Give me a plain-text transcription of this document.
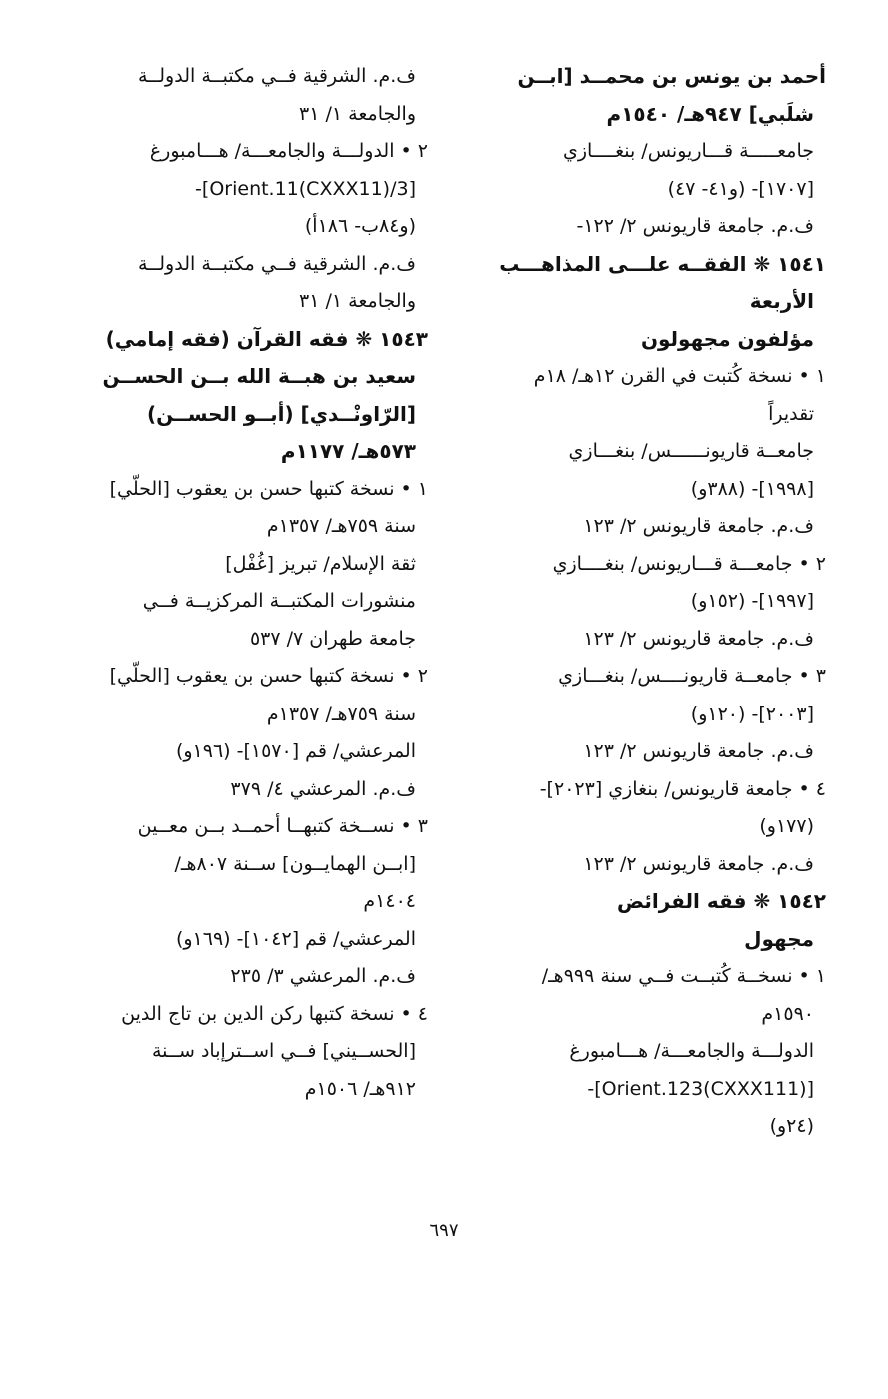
أحمد بن يونس بن محمــد [ابــن
شلَبي] ٩٤٧هـ/ ١٥٤٠م
جامعـــــة قـــاريونس/ بنغــــازي
[١٧٠٧]- (و٤١- ٤٧)
ف.م. جامعة قاريونس ٢/ ١٢٢-
١٥٤١ ❋ الفقــه علـــى المذاهـــب
الأربعة
مؤلفون مجهولون
١ • نسخة كُتبت في القرن ١٢هـ/ ١٨م
تقديراً
جامعــة قاريونــــــس/ بنغـــازي
[١٩٩٨]- (٣٨٨و)
ف.م. جامعة قاريونس ٢/ ١٢٣
٢ • جامعـــة قـــاريونس/ بنغــــازي
[١٩٩٧]- (١٥٢و)
ف.م. جامعة قاريونس ٢/ ١٢٣
٣ • جامعــة قاريونــــس/ بنغـــازي
[٢٠٠٣]- (١٢٠و)
ف.م. جامعة قاريونس ٢/ ١٢٣
٤ • جامعة قاريونس/ بنغازي [٢٠٢٣]-
(١٧٧و)
ف.م. جامعة قاريونس ٢/ ١٢٣
١٥٤٢ ❋ فقه الفرائض
مجهول
١ • نسخــة كُتبــت فــي سنة ٩٩٩هـ/
١٥٩٠م
الدولـــة والجامعـــة/ هـــامبورغ
[Orient.123(CXXX111)]-
(٢٤و)
ف.م. الشرقية فــي مكتبــة الدولــة
والجامعة ١/ ٣١
٢ • الدولـــة والجامعـــة/ هـــامبورغ
[Orient.11(CXXX11)/3]-
(و٨٤ب- ١٨٦أ)
ف.م. الشرقية فــي مكتبــة الدولــة
والجامعة ١/ ٣١
١٥٤٣ ❋ فقه القرآن (فقه إمامي)
سعيد بن هبــة الله بــن الحســن
[الرّاونْــدي] (أبــو الحســن)
٥٧٣هـ/ ١١٧٧م
١ • نسخة كتبها حسن بن يعقوب [الحلّي]
سنة ٧٥٩هـ/ ١٣٥٧م
ثقة الإسلام/ تبريز [غُفْل]
منشورات المكتبــة المركزيــة فــي
جامعة طهران ٧/ ٥٣٧
٢ • نسخة كتبها حسن بن يعقوب [الحلّي]
سنة ٧٥٩هـ/ ١٣٥٧م
المرعشي/ قم [١٥٧٠]- (١٩٦و)
ف.م. المرعشي ٤/ ٣٧٩
٣ • نســخة كتبهــا أحمــد بــن معــين
[ابــن الهمايــون] ســنة ٨٠٧هـ/
١٤٠٤م
المرعشي/ قم [١٠٤٢]- (١٦٩و)
ف.م. المرعشي ٣/ ٢٣٥
٤ • نسخة كتبها ركن الدين بن تاج الدين
[الحســيني] فــي اســترإباد ســنة
٩١٢هـ/ ١٥٠٦م
٦٩٧
